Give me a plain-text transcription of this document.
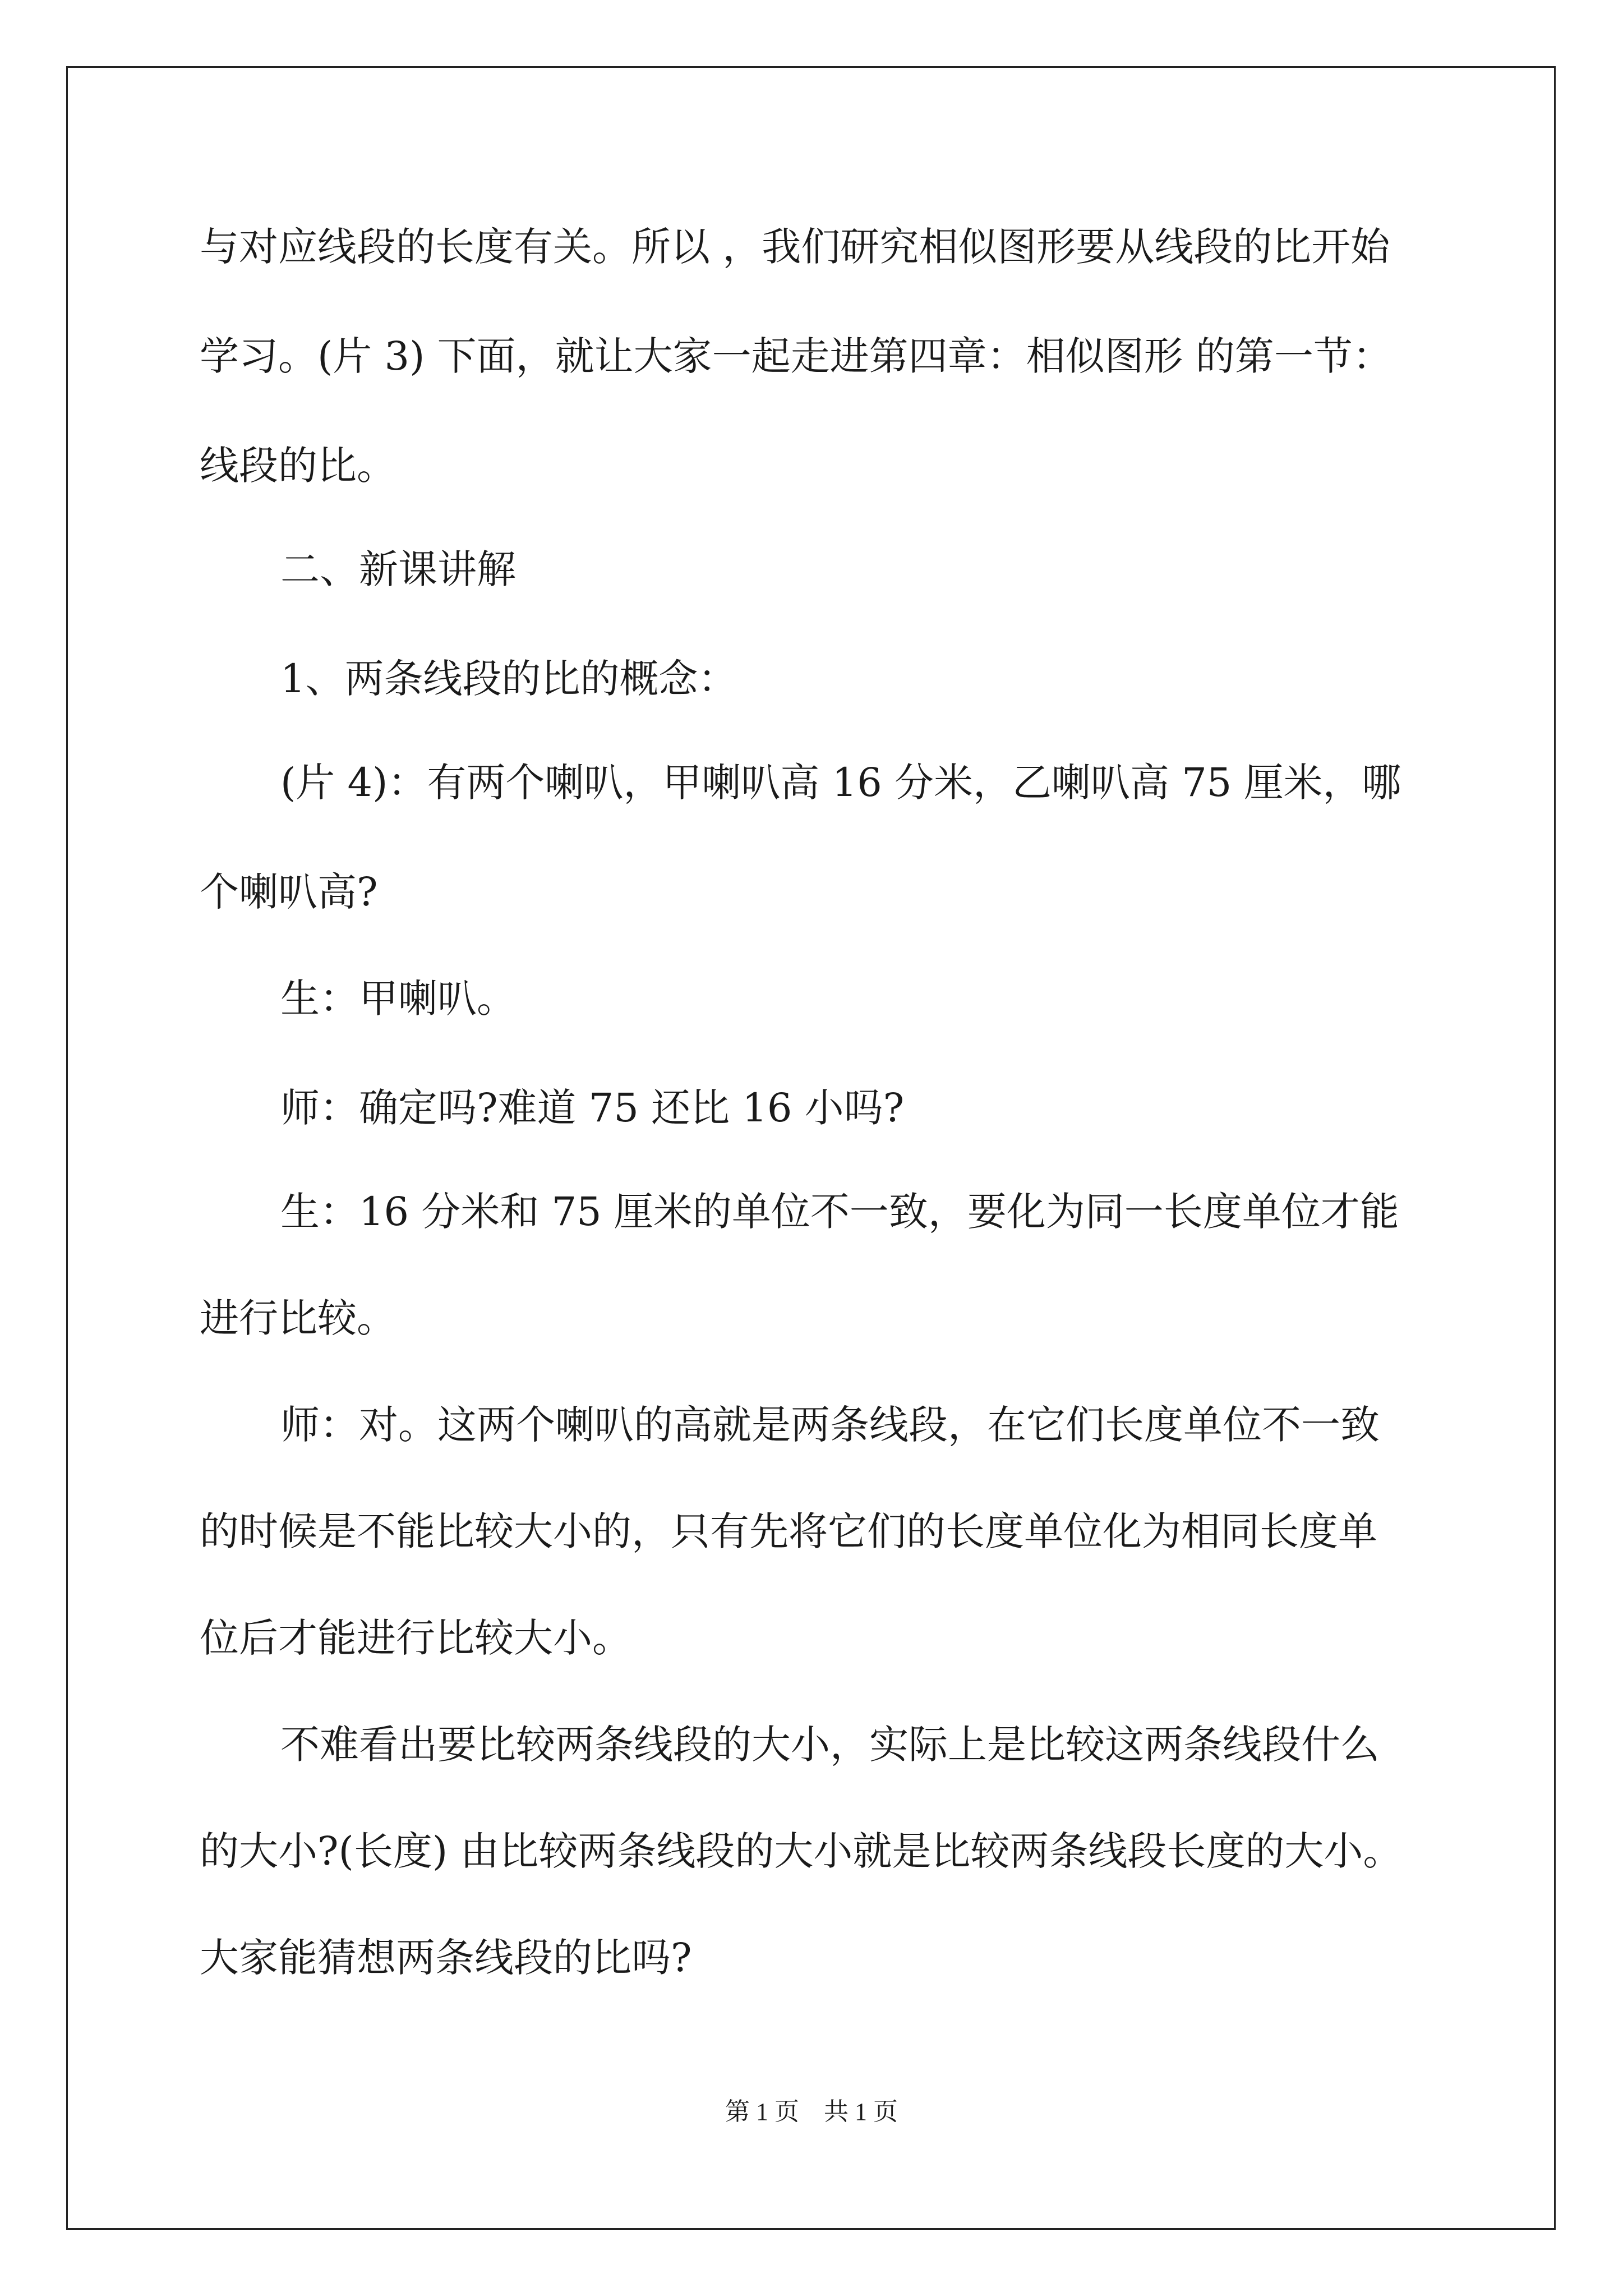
与对应线段的长度有关。所以 ，我们研究相似图形要从线段的比开始
学习。(片 3) 下面，就让大家一起走进第四章：相似图形 的第一节：
线段的比。
二、新课讲解
1、两条线段的比的概念：
(片 4)：有两个喇叭，甲喇叭高 16 分米，乙喇叭高 75 厘米，哪
个喇叭高?
生：甲喇叭。
师：确定吗?难道 75 还比 16 小吗?
生：16 分米和 75 厘米的单位不一致，要化为同一长度单位才能
进行比较。
师：对。这两个喇叭的高就是两条线段，在它们长度单位不一致
的时候是不能比较大小的，只有先将它们的长度单位化为相同长度单
位后才能进行比较大小。
不难看出要比较两条线段的大小，实际上是比较这两条线段什么
的大小?(长度) 由比较两条线段的大小就是比较两条线段长度的大小。
大家能猜想两条线段的比吗?
第 1 页    共 1 页
